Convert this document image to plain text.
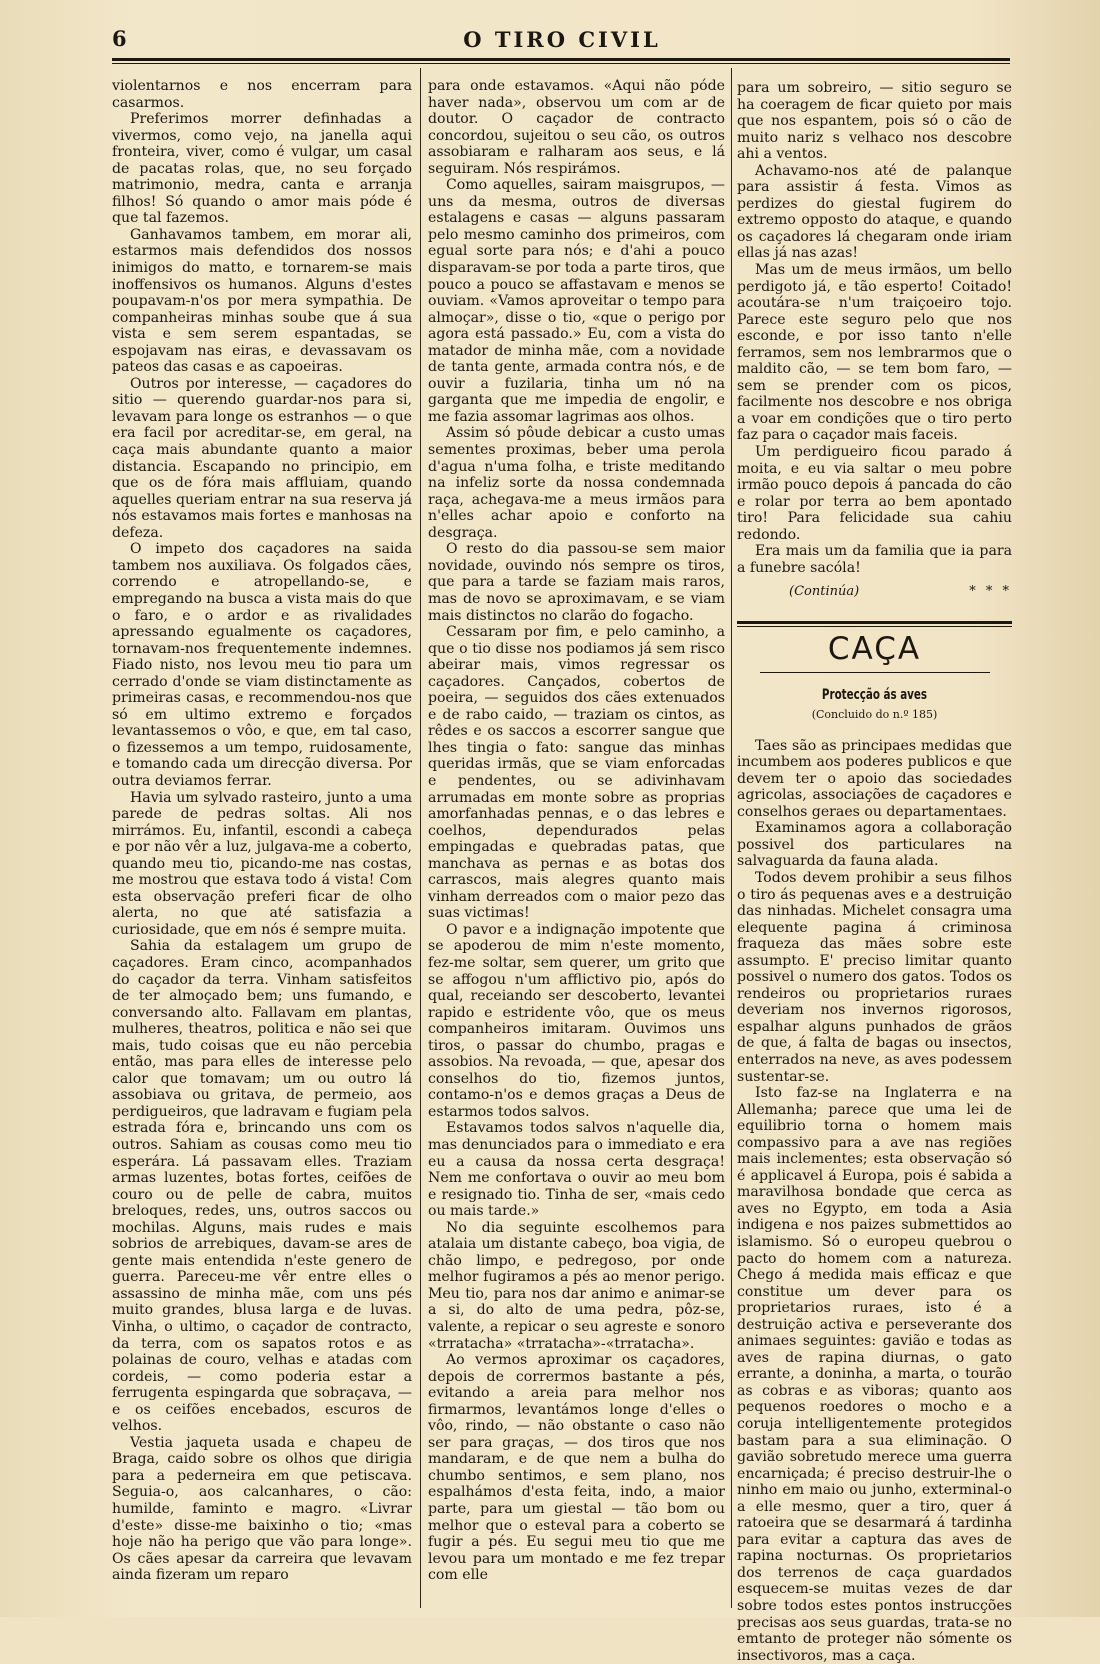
6	O TIRO CIVIL

violentarnos e nos encerram para casarmos.

Preferimos morrer definhadas a vivermos, como vejo, na janella aqui fronteira, viver, como é vulgar, um casal de pacatas rolas, que, no seu forçado matrimonio, medra, canta e arranja filhos! Só quando o amor mais póde é que tal fazemos.

Ganhavamos tambem, em morar ali, estarmos mais defendidos dos nossos inimigos do matto, e tornarem-se mais inoffensivos os humanos. Alguns d'estes poupavam-n'os por mera sympathia. De companheiras minhas soube que á sua vista e sem serem espantadas, se espojavam nas eiras, e devassavam os pateos das casas e as capoeiras.

Outros por interesse, — caçadores do sitio — querendo guardar-nos para si, levavam para longe os estranhos — o que era facil por acreditar-se, em geral, na caça mais abundante quanto a maior distancia. Escapando no principio, em que os de fóra mais affluiam, quando aquelles queriam entrar na sua reserva já nós estavamos mais fortes e manhosas na defeza.

O impeto dos caçadores na saida tambem nos auxiliava. Os folgados cães, correndo e atropellando-se, e empregando na busca a vista mais do que o faro, e o ardor e as rivalidades apressando egualmente os caçadores, tornavam-nos frequentemente indemnes. Fiado nisto, nos levou meu tio para um cerrado d'onde se viam distinctamente as primeiras casas, e recommendou-nos que só em ultimo extremo e forçados levantassemos o vôo, e que, em tal caso, o fizessemos a um tempo, ruidosamente, e tomando cada um direcção diversa. Por outra deviamos ferrar.

Havia um sylvado rasteiro, junto a uma parede de pedras soltas. Ali nos mirrámos. Eu, infantil, escondi a cabeça e por não vêr a luz, julgava-me a coberto, quando meu tio, picando-me nas costas, me mostrou que estava todo á vista! Com esta observação preferi ficar de olho alerta, no que até satisfazia a curiosidade, que em nós é sempre muita.

Sahia da estalagem um grupo de caçadores. Eram cinco, acompanhados do caçador da terra. Vinham satisfeitos de ter almoçado bem; uns fumando, e conversando alto. Fallavam em plantas, mulheres, theatros, politica e não sei que mais, tudo coisas que eu não percebia então, mas para elles de interesse pelo calor que tomavam; um ou outro lá assobiava ou gritava, de permeio, aos perdigueiros, que ladravam e fugiam pela estrada fóra e, brincando uns com os outros. Sahiam as cousas como meu tio esperára. Lá passavam elles. Traziam armas luzentes, botas fortes, ceifões de couro ou de pelle de cabra, muitos breloques, redes, uns, outros saccos ou mochilas. Alguns, mais rudes e mais sobrios de arrebiques, davam-se ares de gente mais entendida n'este genero de guerra. Pareceu-me vêr entre elles o assassino de minha mãe, com uns pés muito grandes, blusa larga e de luvas. Vinha, o ultimo, o caçador de contracto, da terra, com os sapatos rotos e as polainas de couro, velhas e atadas com cordeis, — como poderia estar a ferrugenta espingarda que sobraçava, — e os ceifões encebados, escuros de velhos.

Vestia jaqueta usada e chapeu de Braga, caido sobre os olhos que dirigia para a pederneira em que petiscava. Seguia-o, aos calcanhares, o cão: humilde, faminto e magro. «Livrar d'este» disse-me baixinho o tio; «mas hoje não ha perigo que vão para longe». Os cães apesar da carreira que levavam ainda fizeram um reparo

para onde estavamos. «Aqui não póde haver nada», observou um com ar de doutor. O caçador de contracto concordou, sujeitou o seu cão, os outros assobiaram e ralharam aos seus, e lá seguiram. Nós respirámos.

Como aquelles, sairam maisgrupos, — uns da mesma, outros de diversas estalagens e casas — alguns passaram pelo mesmo caminho dos primeiros, com egual sorte para nós; e d'ahi a pouco disparavam-se por toda a parte tiros, que pouco a pouco se affastavam e menos se ouviam. «Vamos aproveitar o tempo para almoçar», disse o tio, «que o perigo por agora está passado.» Eu, com a vista do matador de minha mãe, com a novidade de tanta gente, armada contra nós, e de ouvir a fuzilaria, tinha um nó na garganta que me impedia de engolir, e me fazia assomar lagrimas aos olhos.

Assim só pôude debicar a custo umas sementes proximas, beber uma perola d'agua n'uma folha, e triste meditando na infeliz sorte da nossa condemnada raça, achegava-me a meus irmãos para n'elles achar apoio e conforto na desgraça.

O resto do dia passou-se sem maior novidade, ouvindo nós sempre os tiros, que para a tarde se faziam mais raros, mas de novo se aproximavam, e se viam mais distinctos no clarão do fogacho.

Cessaram por fim, e pelo caminho, a que o tio disse nos podiamos já sem risco abeirar mais, vimos regressar os caçadores. Cançados, cobertos de poeira, — seguidos dos cães extenuados e de rabo caido, — traziam os cintos, as rêdes e os saccos a escorrer sangue que lhes tingia o fato: sangue das minhas queridas irmãs, que se viam enforcadas e pendentes, ou se adivinhavam arrumadas em monte sobre as proprias amorfanhadas pennas, e o das lebres e coelhos, dependurados pelas empingadas e quebradas patas, que manchava as pernas e as botas dos carrascos, mais alegres quanto mais vinham derreados com o maior pezo das suas victimas!

O pavor e a indignação impotente que se apoderou de mim n'este momento, fez-me soltar, sem querer, um grito que se affogou n'um afflictivo pio, após do qual, receiando ser descoberto, levantei rapido e estridente vôo, que os meus companheiros imitaram. Ouvimos uns tiros, o passar do chumbo, pragas e assobios. Na revoada, — que, apesar dos conselhos do tio, fizemos juntos, contamo-n'os e demos graças a Deus de estarmos todos salvos.

Estavamos todos salvos n'aquelle dia, mas denunciados para o immediato e era eu a causa da nossa certa desgraça! Nem me confortava o ouvir ao meu bom e resignado tio. Tinha de ser, «mais cedo ou mais tarde.»

No dia seguinte escolhemos para atalaia um distante cabeço, boa vigia, de chão limpo, e pedregoso, por onde melhor fugiramos a pés ao menor perigo. Meu tio, para nos dar animo e animar-se a si, do alto de uma pedra, pôz-se, valente, a repicar o seu agreste e sonoro «trratacha» «trratacha»-«trratacha».

Ao vermos aproximar os caçadores, depois de corrermos bastante a pés, evitando a areia para melhor nos firmarmos, levantámos longe d'elles o vôo, rindo, — não obstante o caso não ser para graças, — dos tiros que nos mandaram, e de que nem a bulha do chumbo sentimos, e sem plano, nos espalhámos d'esta feita, indo, a maior parte, para um giestal — tão bom ou melhor que o esteval para a coberto se fugir a pés. Eu segui meu tio que me levou para um montado e me fez trepar com elle

para um sobreiro, — sitio seguro se ha coeragem de ficar quieto por mais que nos espantem, pois só o cão de muito nariz s velhaco nos descobre ahi a ventos.

Achavamo-nos até de palanque para assistir á festa. Vimos as perdizes do giestal fugirem do extremo opposto do ataque, e quando os caçadores lá chegaram onde iriam ellas já nas azas!

Mas um de meus irmãos, um bello perdigoto já, e tão esperto! Coitado! acoutára-se n'um traiçoeiro tojo. Parece este seguro pelo que nos esconde, e por isso tanto n'elle ferramos, sem nos lembrarmos que o maldito cão, — se tem bom faro, — sem se prender com os picos, facilmente nos descobre e nos obriga a voar em condições que o tiro perto faz para o caçador mais faceis.

Um perdigueiro ficou parado á moita, e eu via saltar o meu pobre irmão pouco depois á pancada do cão e rolar por terra ao bem apontado tiro! Para felicidade sua cahiu redondo.

Era mais um da familia que ia para a funebre sacóla!

(Continúa)	* * *
CAÇA
Protecção ás aves
(Concluido do n.º 185)

Taes são as principaes medidas que incumbem aos poderes publicos e que devem ter o apoio das sociedades agricolas, associações de caçadores e conselhos geraes ou departamentaes.

Examinamos agora a collaboração possivel dos particulares na salvaguarda da fauna alada.

Todos devem prohibir a seus filhos o tiro ás pequenas aves e a destruição das ninhadas. Michelet consagra uma elequente pagina á criminosa fraqueza das mães sobre este assumpto. E' preciso limitar quanto possivel o numero dos gatos. Todos os rendeiros ou proprietarios ruraes deveriam nos invernos rigorosos, espalhar alguns punhados de grãos de que, á falta de bagas ou insectos, enterrados na neve, as aves podessem sustentar-se.

Isto faz-se na Inglaterra e na Allemanha; parece que uma lei de equilibrio torna o homem mais compassivo para a ave nas regiões mais inclementes; esta observação só é applicavel á Europa, pois é sabida a maravilhosa bondade que cerca as aves no Egypto, em toda a Asia indigena e nos paizes submettidos ao islamismo. Só o europeu quebrou o pacto do homem com a natureza. Chego á medida mais efficaz e que constitue um dever para os proprietarios ruraes, isto é a destruição activa e perseverante dos animaes seguintes: gavião e todas as aves de rapina diurnas, o gato errante, a doninha, a marta, o tourão as cobras e as viboras; quanto aos pequenos roedores o mocho e a coruja intelligentemente protegidos bastam para a sua eliminação. O gavião sobretudo merece uma guerra encarniçada; é preciso destruir-lhe o ninho em maio ou junho, exterminal-o a elle mesmo, quer a tiro, quer á ratoeira que se desarmará á tardinha para evitar a captura das aves de rapina nocturnas. Os proprietarios dos terrenos de caça guardados esquecem-se muitas vezes de dar sobre todos estes pontos instrucções precisas aos seus guardas, trata-se no emtanto de proteger não sómente os insectivoros, mas a caça.
